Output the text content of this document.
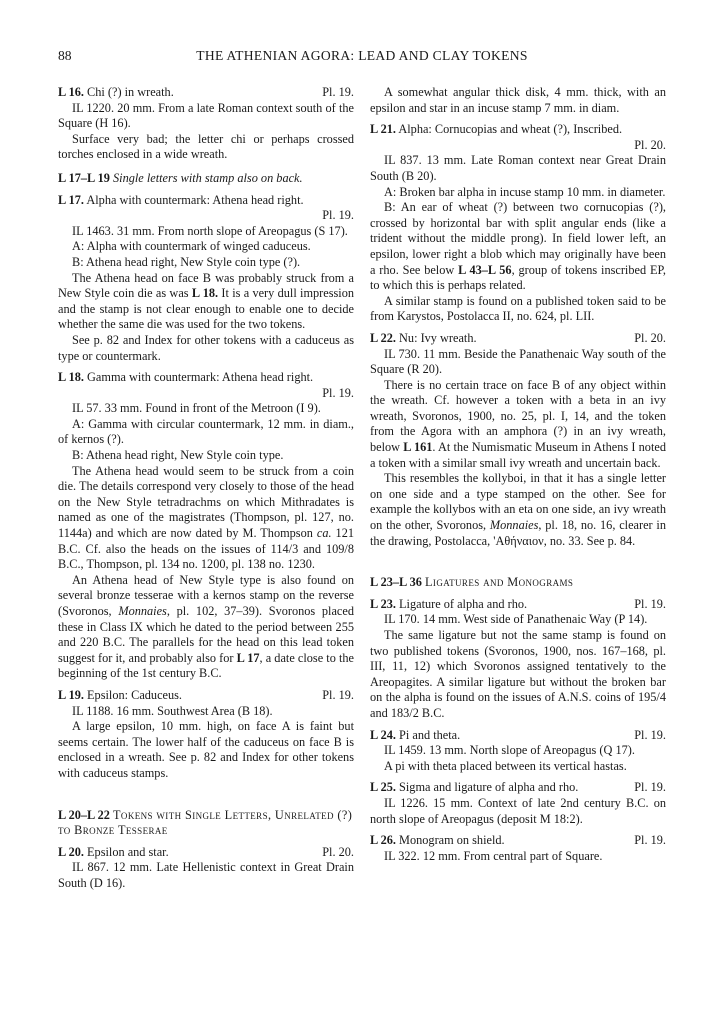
88	THE ATHENIAN AGORA: LEAD AND CLAY TOKENS
L 16. Chi (?) in wreath.	Pl. 19.

IL 1220. 20 mm. From a late Roman context south of the Square (H 16).

Surface very bad; the letter chi or perhaps crossed torches enclosed in a wide wreath.

L 17–L 19 Single letters with stamp also on back.
L 17. Alpha with countermark: Athena head right.
Pl. 19.

IL 1463. 31 mm. From north slope of Areopagus (S 17).

A: Alpha with countermark of winged caduceus.

B: Athena head right, New Style coin type (?).

The Athena head on face B was probably struck from a New Style coin die as was L 18. It is a very dull impression and the stamp is not clear enough to enable one to decide whether the same die was used for the two tokens.

See p. 82 and Index for other tokens with a caduceus as type or countermark.

L 18. Gamma with countermark: Athena head right.
Pl. 19.

IL 57. 33 mm. Found in front of the Metroon (I 9).

A: Gamma with circular countermark, 12 mm. in diam., of kernos (?).

B: Athena head right, New Style coin type.

The Athena head would seem to be struck from a coin die. The details correspond very closely to those of the head on the New Style tetradrachms on which Mithradates is named as one of the magistrates (Thompson, pl. 127, no. 1144a) and which are now dated by M. Thompson ca. 121 B.C. Cf. also the heads on the issues of 114/3 and 109/8 B.C., Thompson, pl. 134 no. 1200, pl. 138 no. 1230.

An Athena head of New Style type is also found on several bronze tesserae with a kernos stamp on the reverse (Svoronos, Monnaies, pl. 102, 37–39). Svoronos placed these in Class IX which he dated to the period between 255 and 220 B.C. The parallels for the head on this lead token suggest for it, and probably also for L 17, a date close to the beginning of the 1st century B.C.

L 19. Epsilon: Caduceus.	Pl. 19.

IL 1188. 16 mm. Southwest Area (B 18).

A large epsilon, 10 mm. high, on face A is faint but seems certain. The lower half of the caduceus on face B is enclosed in a wreath. See p. 82 and Index for other tokens with caduceus stamps.

L 20–L 22 Tokens with Single Letters, Unrelated (?) to Bronze Tesserae
L 20. Epsilon and star.	Pl. 20.

IL 867. 12 mm. Late Hellenistic context in Great Drain South (D 16).

A somewhat angular thick disk, 4 mm. thick, with an epsilon and star in an incuse stamp 7 mm. in diam.

L 21. Alpha: Cornucopias and wheat (?), Inscribed.
Pl. 20.

IL 837. 13 mm. Late Roman context near Great Drain South (B 20).

A: Broken bar alpha in incuse stamp 10 mm. in diameter.

B: An ear of wheat (?) between two cornucopias (?), crossed by horizontal bar with split angular ends (like a trident without the middle prong). In field lower left, an epsilon, lower right a blob which may originally have been a rho. See below L 43–L 56, group of tokens inscribed EP, to which this is perhaps related.

A similar stamp is found on a published token said to be from Karystos, Postolacca II, no. 624, pl. LII.

L 22. Nu: Ivy wreath.	Pl. 20.

IL 730. 11 mm. Beside the Panathenaic Way south of the Square (R 20).

There is no certain trace on face B of any object within the wreath. Cf. however a token with a beta in an ivy wreath, Svoronos, 1900, no. 25, pl. I, 14, and the token from the Agora with an amphora (?) in an ivy wreath, below L 161. At the Numismatic Museum in Athens I noted a token with a similar small ivy wreath and uncertain back.

This resembles the kollyboi, in that it has a single letter on one side and a type stamped on the other. See for example the kollybos with an eta on one side, an ivy wreath on the other, Svoronos, Monnaies, pl. 18, no. 16, clearer in the drawing, Postolacca, 'Αθήναιον, no. 33. See p. 84.

L 23–L 36 Ligatures and Monograms
L 23. Ligature of alpha and rho.	Pl. 19.

IL 170. 14 mm. West side of Panathenaic Way (P 14).

The same ligature but not the same stamp is found on two published tokens (Svoronos, 1900, nos. 167–168, pl. III, 11, 12) which Svoronos assigned tentatively to the Areopagites. A similar ligature but without the broken bar on the alpha is found on the issues of A.N.S. coins of 195/4 and 183/2 B.C.

L 24. Pi and theta.	Pl. 19.

IL 1459. 13 mm. North slope of Areopagus (Q 17).

A pi with theta placed between its vertical hastas.

L 25. Sigma and ligature of alpha and rho.	Pl. 19.

IL 1226. 15 mm. Context of late 2nd century B.C. on north slope of Areopagus (deposit M 18:2).

L 26. Monogram on shield.	Pl. 19.

IL 322. 12 mm. From central part of Square.
